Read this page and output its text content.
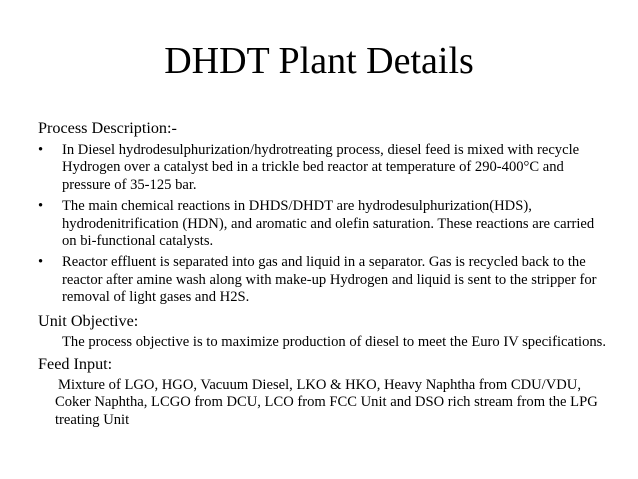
DHDT Plant Details
Process Description:-
•	In Diesel hydrodesulphurization/hydrotreating process, diesel feed is mixed with recycle Hydrogen over a catalyst bed in a trickle bed reactor at temperature of 290-400°C and pressure of 35-125 bar.
•	The main chemical reactions in DHDS/DHDT are hydrodesulphurization(HDS), hydrodenitrification (HDN), and aromatic and olefin saturation. These reactions are carried on bi-functional catalysts.
•	Reactor effluent is separated into gas and liquid in a separator. Gas is recycled back to the reactor after amine wash along with make-up Hydrogen and liquid is sent to the stripper for removal of light gases and H2S.
Unit Objective:

The process objective is to maximize production of diesel to meet the Euro IV specifications.

Feed Input:

Mixture of LGO, HGO, Vacuum Diesel, LKO & HKO, Heavy Naphtha from CDU/VDU, Coker Naphtha, LCGO from DCU, LCO from FCC Unit and DSO rich stream from the LPG treating Unit
